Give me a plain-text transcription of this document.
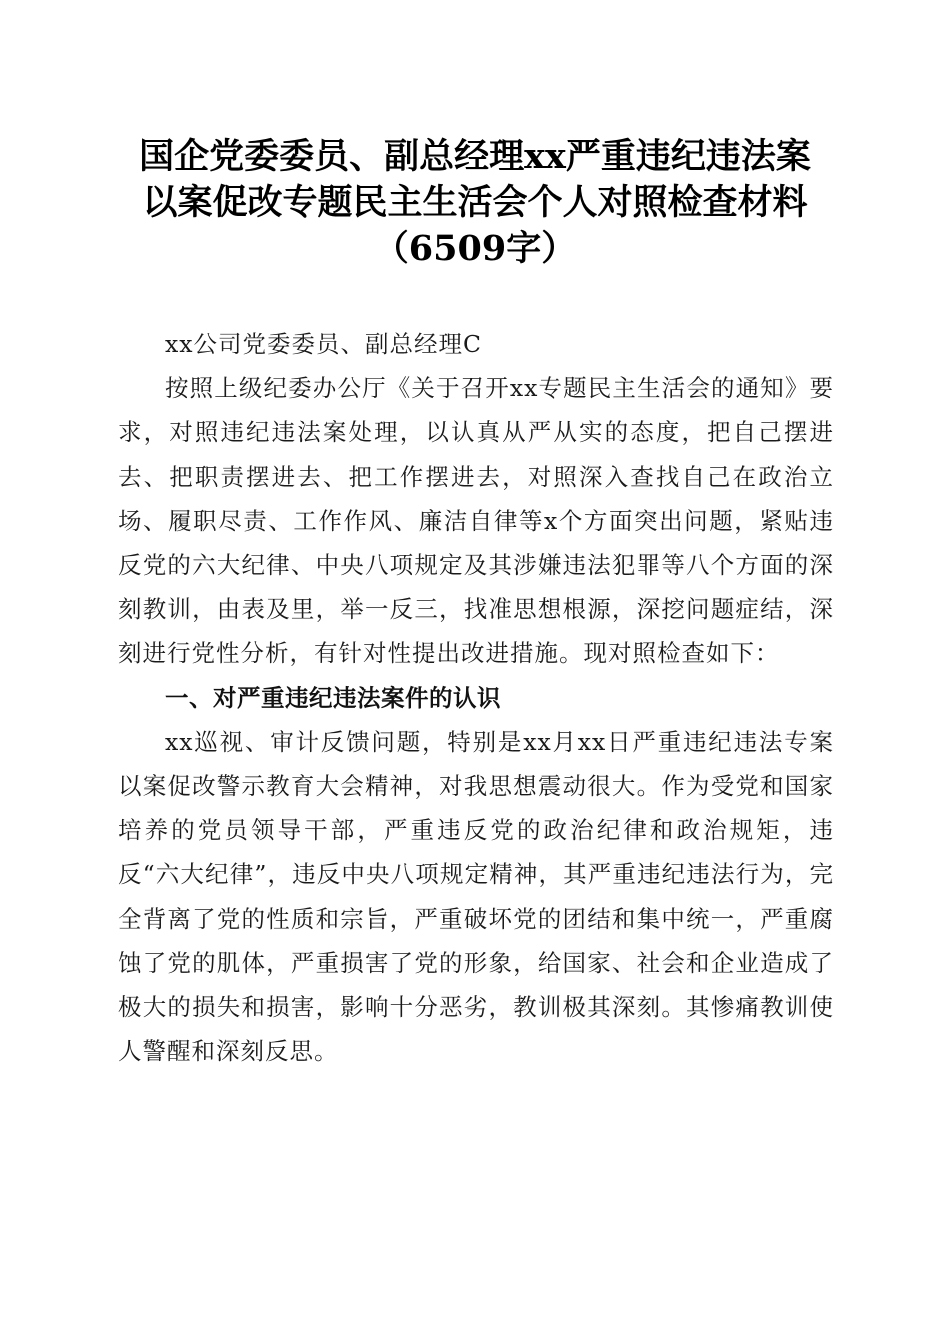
国企党委委员、副总经理xx严重违纪违法案
以案促改专题民主生活会个人对照检查材料
（6509字）

xx公司党委委员、副总经理C

按照上级纪委办公厅《关于召开xx专题民主生活会的通知》要求，对照违纪违法案处理，以认真从严从实的态度，把自己摆进去、把职责摆进去、把工作摆进去，对照深入查找自己在政治立场、履职尽责、工作作风、廉洁自律等x个方面突出问题，紧贴违反党的六大纪律、中央八项规定及其涉嫌违法犯罪等八个方面的深刻教训，由表及里，举一反三，找准思想根源，深挖问题症结，深刻进行党性分析，有针对性提出改进措施。现对照检查如下：

一、对严重违纪违法案件的认识

xx巡视、审计反馈问题，特别是xx月xx日严重违纪违法专案以案促改警示教育大会精神，对我思想震动很大。作为受党和国家培养的党员领导干部，严重违反党的政治纪律和政治规矩，违反“六大纪律”，违反中央八项规定精神，其严重违纪违法行为，完全背离了党的性质和宗旨，严重破坏党的团结和集中统一，严重腐蚀了党的肌体，严重损害了党的形象，给国家、社会和企业造成了极大的损失和损害，影响十分恶劣，教训极其深刻。其惨痛教训使人警醒和深刻反思。
